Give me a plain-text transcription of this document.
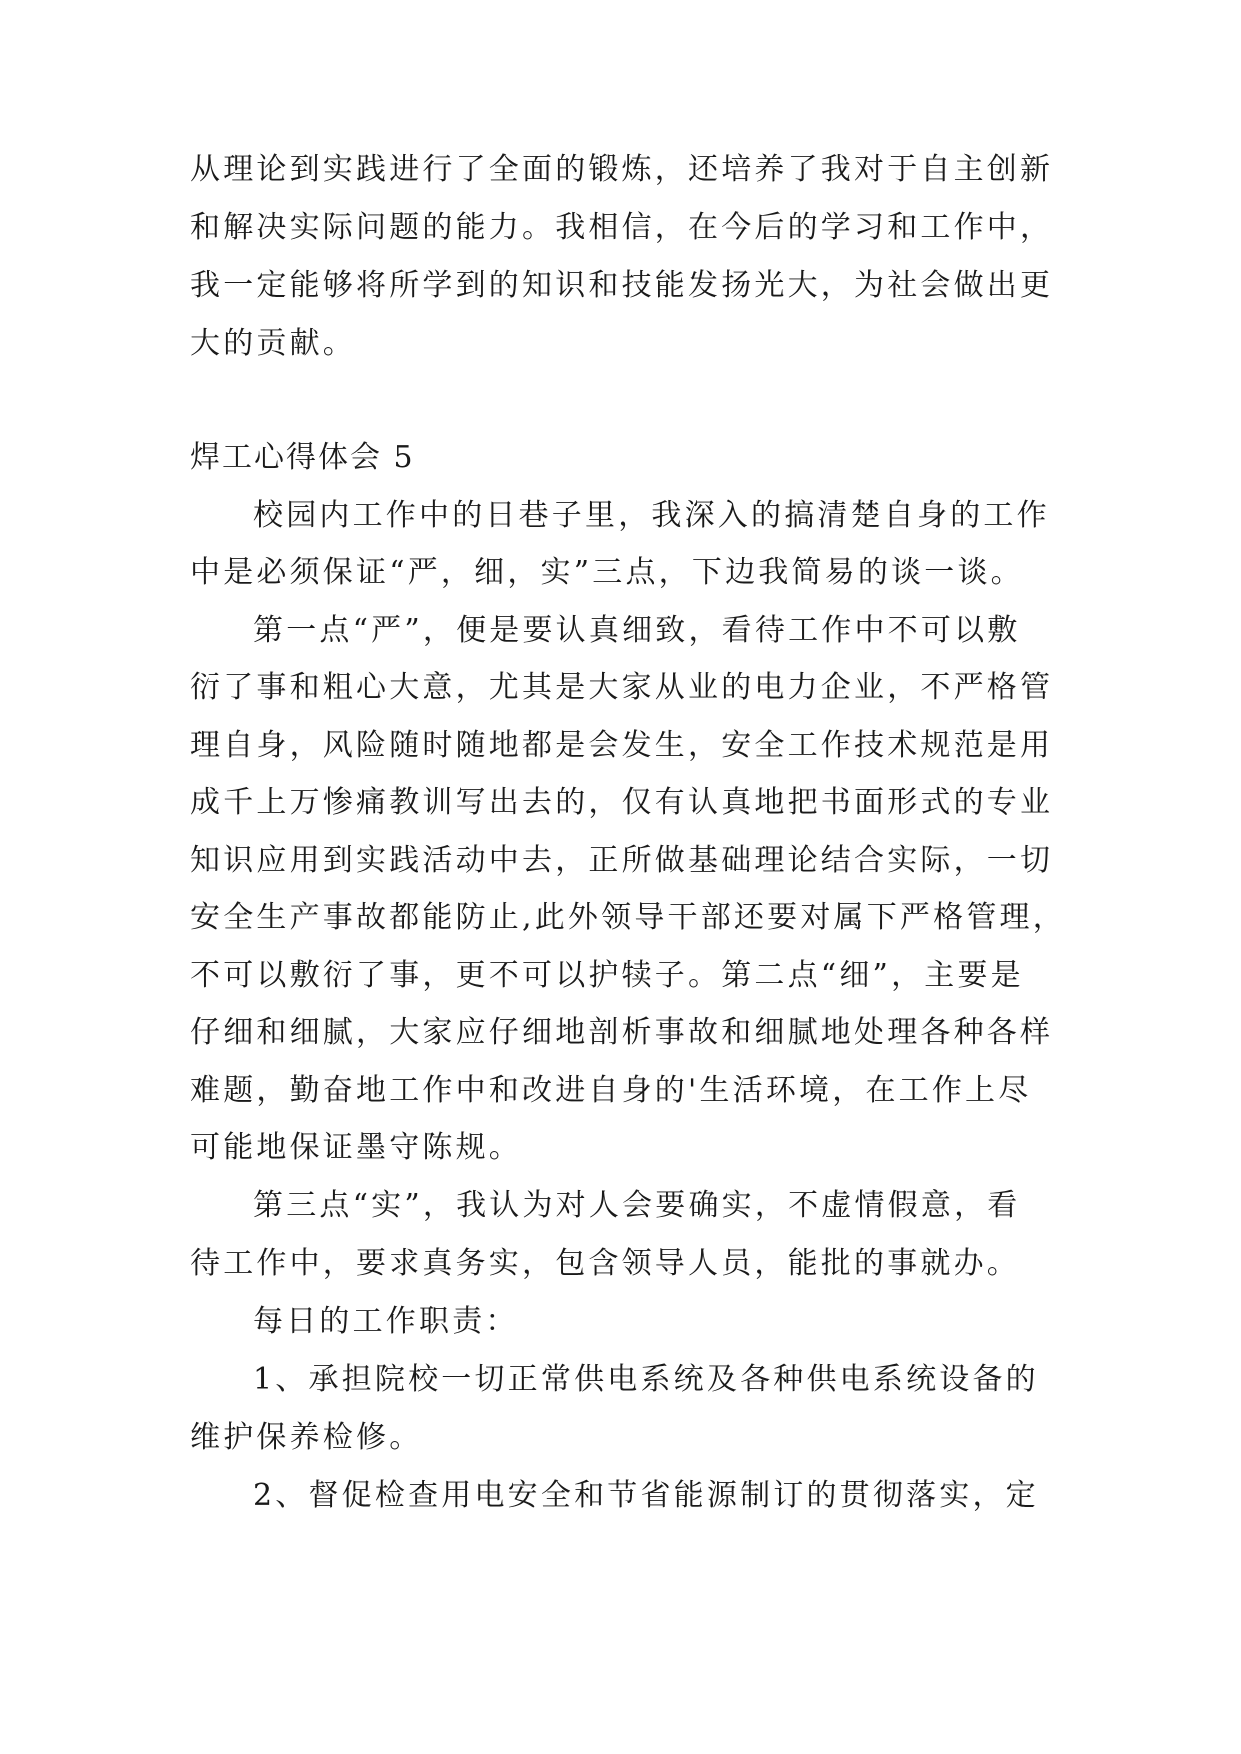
从理论到实践进行了全面的锻炼，还培养了我对于自主创新
和解决实际问题的能力。我相信，在今后的学习和工作中，
我一定能够将所学到的知识和技能发扬光大，为社会做出更
大的贡献。
焊工心得体会 5
校园内工作中的日巷子里，我深入的搞清楚自身的工作
中是必须保证“严，细，实”三点，下边我简易的谈一谈。
第一点“严”，便是要认真细致，看待工作中不可以敷
衍了事和粗心大意，尤其是大家从业的电力企业，不严格管
理自身，风险随时随地都是会发生，安全工作技术规范是用
成千上万惨痛教训写出去的，仅有认真地把书面形式的专业
知识应用到实践活动中去，正所做基础理论结合实际，一切
安全生产事故都能防止,此外领导干部还要对属下严格管理，
不可以敷衍了事，更不可以护犊子。第二点“细”，主要是
仔细和细腻，大家应仔细地剖析事故和细腻地处理各种各样
难题，勤奋地工作中和改进自身的'生活环境，在工作上尽
可能地保证墨守陈规。
第三点“实”，我认为对人会要确实，不虚情假意，看
待工作中，要求真务实，包含领导人员，能批的事就办。
每日的工作职责：
1、承担院校一切正常供电系统及各种供电系统设备的
维护保养检修。
2、督促检查用电安全和节省能源制订的贯彻落实，定
